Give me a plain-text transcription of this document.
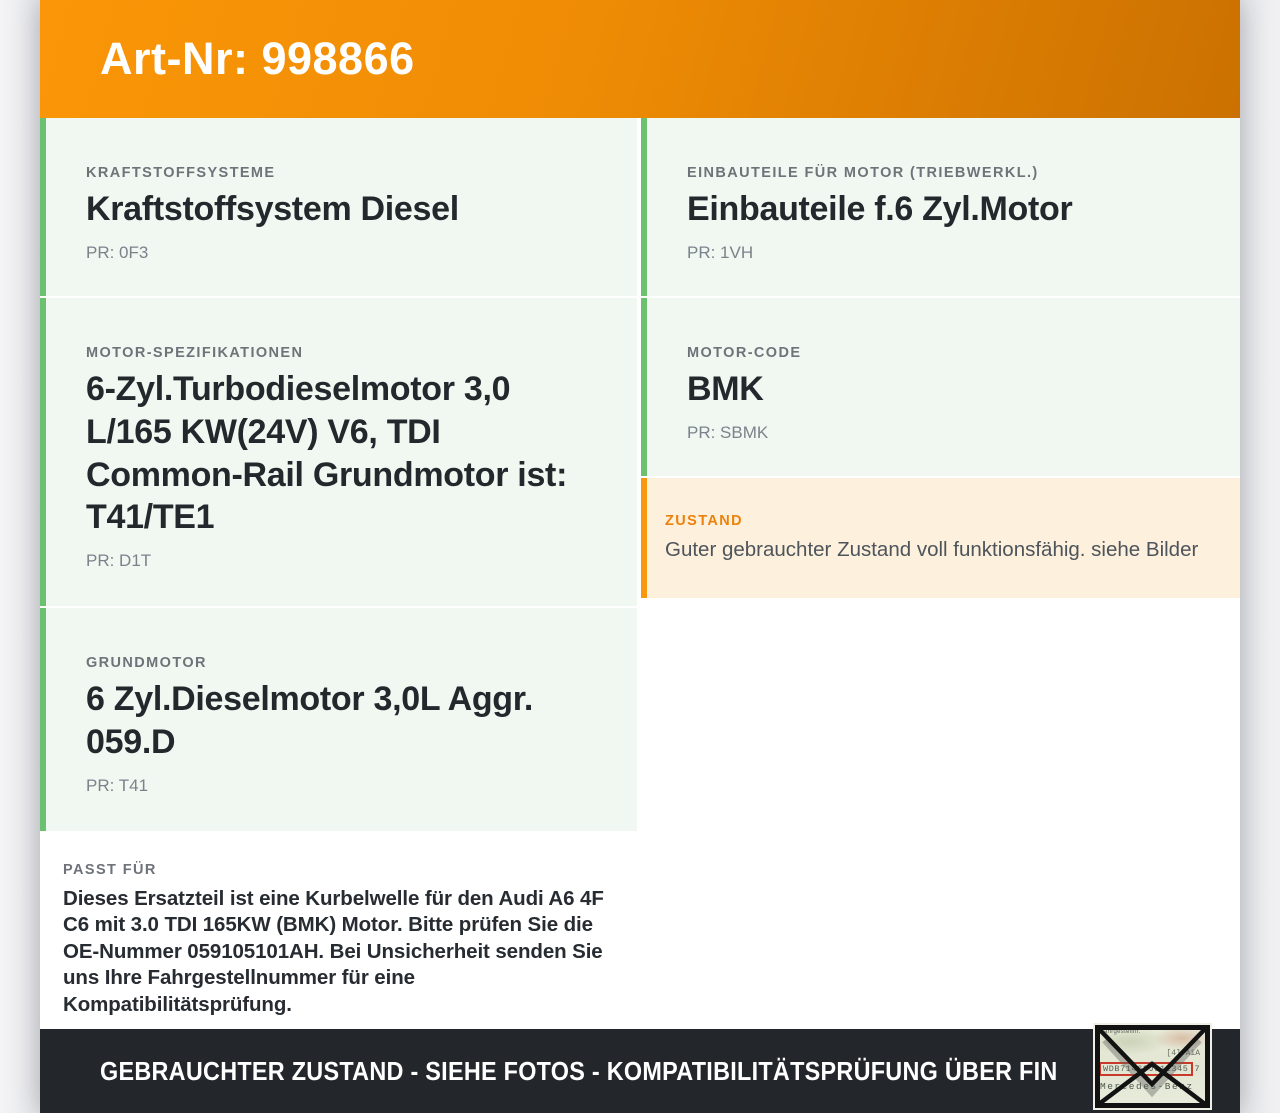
Art-Nr: 998866
KRAFTSTOFFSYSTEME
Kraftstoffsystem Diesel
PR: 0F3
MOTOR-SPEZIFIKATIONEN
6-Zyl.Turbodieselmotor 3,0 L/165 KW(24V) V6, TDI Common-Rail Grundmotor ist: T41/TE1
PR: D1T
GRUNDMOTOR
6 Zyl.Dieselmotor 3,0L Aggr. 059.D
PR: T41
PASST FÜR
Dieses Ersatzteil ist eine Kurbelwelle für den Audi A6 4F C6 mit 3.0 TDI 165KW (BMK) Motor. Bitte prüfen Sie die OE-Nummer 059105101AH. Bei Unsicherheit senden Sie uns Ihre Fahrgestellnummer für eine Kompatibilitätsprüfung.
EINBAUTEILE FÜR MOTOR (TRIEBWERKL.)
Einbauteile f.6 Zyl.Motor
PR: 1VH
MOTOR-CODE
BMK
PR: SBMK
ZUSTAND
Guter gebrauchter Zustand voll funktionsfähig. siehe Bilder
GEBRAUCHTER ZUSTAND - SIEHE FOTOS - KOMPATIBILITÄTSPRÜFUNG ÜBER FIN
Fahrgestellnr.
[4] AiA
WDB71463J312345 7
Mercedes-Benz
